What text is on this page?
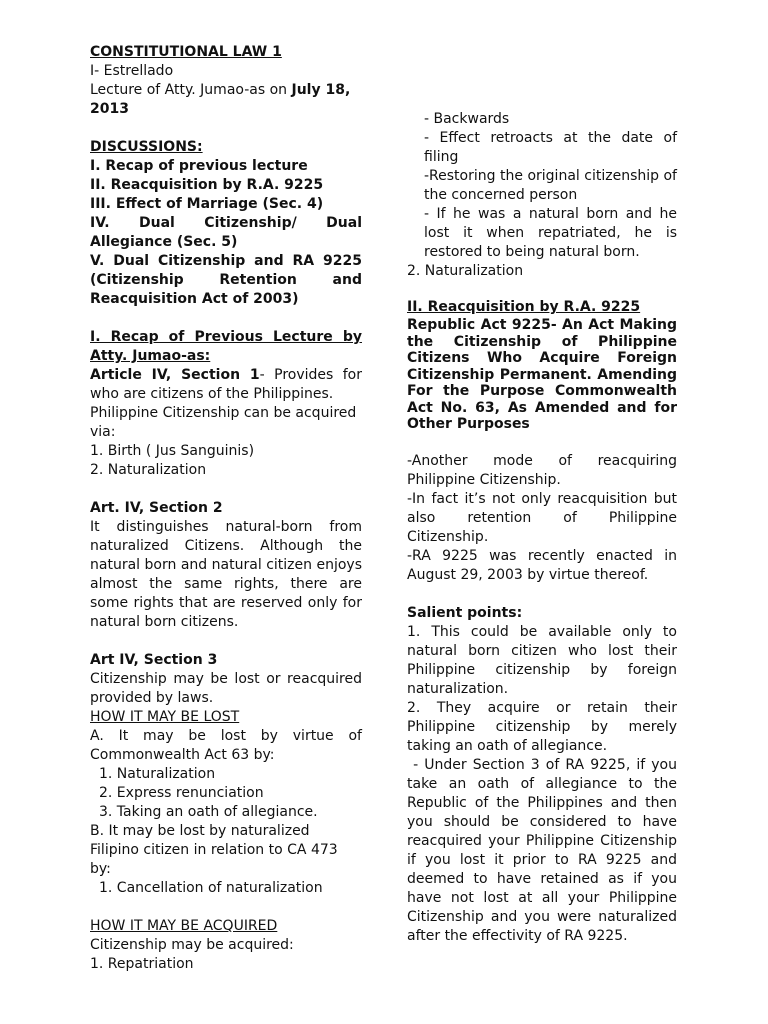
CONSTITUTIONAL LAW 1

I- Estrellado

Lecture of Atty. Jumao-as on July 18, 2013

DISCUSSIONS:

I. Recap of previous lecture

II. Reacquisition by R.A. 9225

III. Effect of Marriage (Sec. 4)

IV. Dual Citizenship/ Dual Allegiance (Sec. 5)

V. Dual Citizenship and RA 9225 (Citizenship Retention and Reacquisition Act of 2003)

I. Recap of Previous Lecture by Atty. Jumao-as:

Article IV, Section 1- Provides for who are citizens of the Philippines.

Philippine Citizenship can be acquired via:

1. Birth ( Jus Sanguinis)

2. Naturalization

Art. IV, Section 2

It distinguishes natural-born from naturalized Citizens. Although the natural born and natural citizen enjoys almost the same rights, there are some rights that are reserved only for natural born citizens.

Art IV, Section 3

Citizenship may be lost or reacquired provided by laws.

HOW IT MAY BE LOST

A. It may be lost by virtue of Commonwealth Act 63 by:

1. Naturalization

2. Express renunciation

3. Taking an oath of allegiance.

B. It may be lost by naturalized Filipino citizen in relation to CA 473 by:

1. Cancellation of naturalization

HOW IT MAY BE ACQUIRED

Citizenship may be acquired:

1. Repatriation

- Backwards

- Effect retroacts at the date of filing

-Restoring the original citizenship of the concerned person

- If he was a natural born and he lost it when repatriated, he is restored to being natural born.

2. Naturalization

II. Reacquisition by R.A. 9225

Republic Act 9225- An Act Making the Citizenship of Philippine Citizens Who Acquire Foreign Citizenship Permanent. Amending For the Purpose Commonwealth Act No. 63, As Amended and for Other Purposes

-Another mode of reacquiring Philippine Citizenship.

-In fact it’s not only reacquisition but also retention of Philippine Citizenship.

-RA 9225 was recently enacted in August 29, 2003 by virtue thereof.

Salient points:

1. This could be available only to natural born citizen who lost their Philippine citizenship by foreign naturalization.

2. They acquire or retain their Philippine citizenship by merely taking an oath of allegiance.

- Under Section 3 of RA 9225, if you take an oath of allegiance to the Republic of the Philippines and then you should be considered to have reacquired your Philippine Citizenship if you lost it prior to RA 9225 and deemed to have retained as if you have not lost at all your Philippine Citizenship and you were naturalized after the effectivity of RA 9225.
